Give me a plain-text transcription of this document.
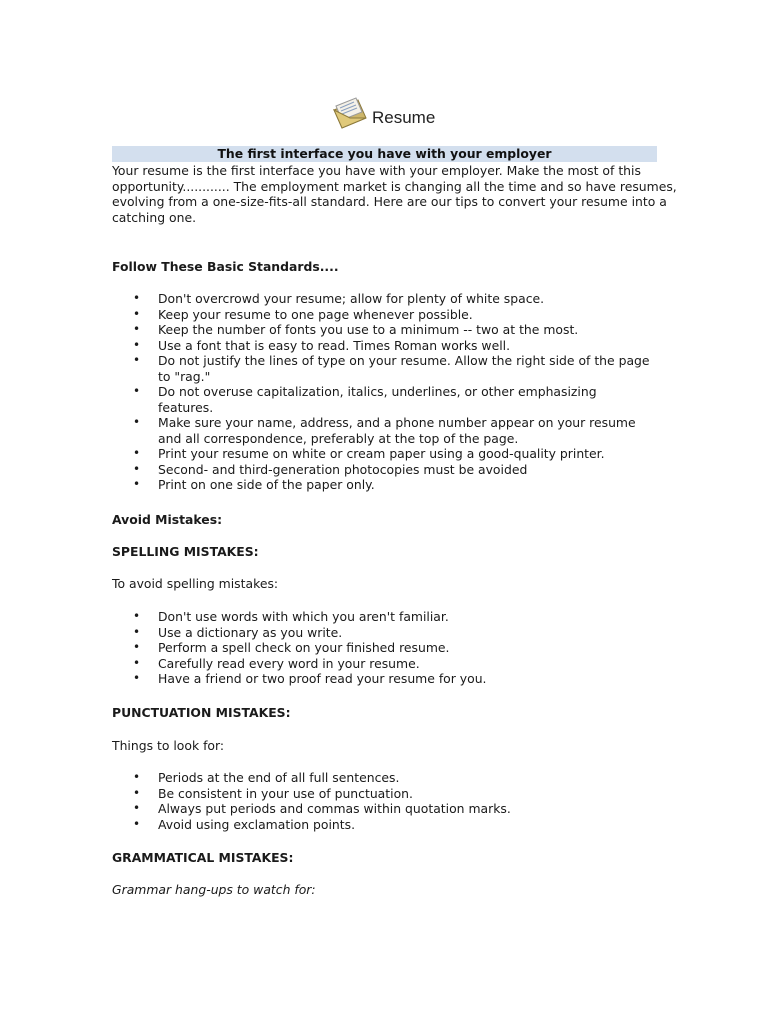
Resume
The first interface you have with your employer
Your resume is the first interface you have with your employer. Make the most of this opportunity............ The employment market is changing all the time and so have resumes, evolving from a one-size-fits-all standard. Here are our tips to convert your resume into a catching one.
Follow These Basic Standards....
• Don't overcrowd your resume; allow for plenty of white space.
• Keep your resume to one page whenever possible.
• Keep the number of fonts you use to a minimum -- two at the most.
• Use a font that is easy to read. Times Roman works well.
• Do not justify the lines of type on your resume. Allow the right side of the page to "rag."
• Do not overuse capitalization, italics, underlines, or other emphasizing features.
• Make sure your name, address, and a phone number appear on your resume and all correspondence, preferably at the top of the page.
• Print your resume on white or cream paper using a good-quality printer.
• Second- and third-generation photocopies must be avoided
• Print on one side of the paper only.
Avoid Mistakes:
SPELLING MISTAKES:
To avoid spelling mistakes:
• Don't use words with which you aren't familiar.
• Use a dictionary as you write.
• Perform a spell check on your finished resume.
• Carefully read every word in your resume.
• Have a friend or two proof read your resume for you.
PUNCTUATION MISTAKES:
Things to look for:
• Periods at the end of all full sentences.
• Be consistent in your use of punctuation.
• Always put periods and commas within quotation marks.
• Avoid using exclamation points.
GRAMMATICAL MISTAKES:
Grammar hang-ups to watch for:
